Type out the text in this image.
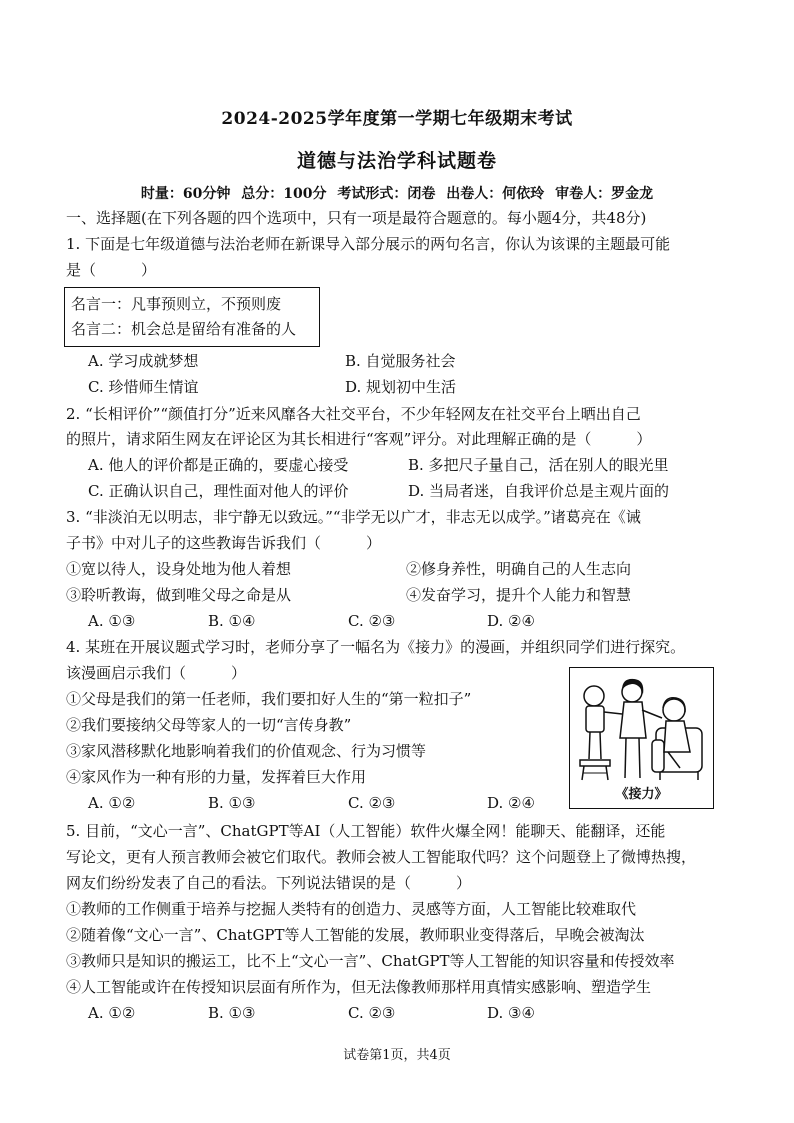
2024-2025学年度第一学期七年级期末考试
道德与法治学科试题卷
时量：60分钟 总分：100分 考试形式：闭卷 出卷人：何依玲 审卷人：罗金龙
一、选择题(在下列各题的四个选项中，只有一项是最符合题意的。每小题4分，共48分)
1. 下面是七年级道德与法治老师在新课导入部分展示的两句名言，你认为该课的主题最可能
是（　　　）
名言一：凡事预则立，不预则废
名言二：机会总是留给有准备的人
A. 学习成就梦想	B. 自觉服务社会
C. 珍惜师生情谊	D. 规划初中生活
2. “长相评价”“颜值打分”近来风靡各大社交平台，不少年轻网友在社交平台上晒出自己
的照片，请求陌生网友在评论区为其长相进行“客观”评分。对此理解正确的是（　　　）
A. 他人的评价都是正确的，要虚心接受	B. 多把尺子量自己，活在别人的眼光里
C. 正确认识自己，理性面对他人的评价	D. 当局者迷，自我评价总是主观片面的
3. “非淡泊无以明志，非宁静无以致远。”“非学无以广才，非志无以成学。”诸葛亮在《诫
子书》中对儿子的这些教诲告诉我们（　　　）
①宽以待人，设身处地为他人着想	②修身养性，明确自己的人生志向
③聆听教诲，做到唯父母之命是从	④发奋学习，提升个人能力和智慧
A. ①③	B. ①④	C. ②③	D. ②④
4. 某班在开展议题式学习时，老师分享了一幅名为《接力》的漫画，并组织同学们进行探究。
该漫画启示我们（　　　）
①父母是我们的第一任老师，我们要扣好人生的“第一粒扣子”
②我们要接纳父母等家人的一切“言传身教”
③家风潜移默化地影响着我们的价值观念、行为习惯等
④家风作为一种有形的力量，发挥着巨大作用
A. ①②	B. ①③	C. ②③	D. ②④	《接力》
5. 目前，“文心一言”、ChatGPT等AI（人工智能）软件火爆全网！能聊天、能翻译，还能
写论文，更有人预言教师会被它们取代。教师会被人工智能取代吗？这个问题登上了微博热搜，
网友们纷纷发表了自己的看法。下列说法错误的是（　　　）
①教师的工作侧重于培养与挖掘人类特有的创造力、灵感等方面，人工智能比较难取代
②随着像“文心一言”、ChatGPT等人工智能的发展，教师职业变得落后，早晚会被淘汰
③教师只是知识的搬运工，比不上“文心一言”、ChatGPT等人工智能的知识容量和传授效率
④人工智能或许在传授知识层面有所作为，但无法像教师那样用真情实感影响、塑造学生
A. ①②	B. ①③	C. ②③	D. ③④
试卷第1页，共4页
